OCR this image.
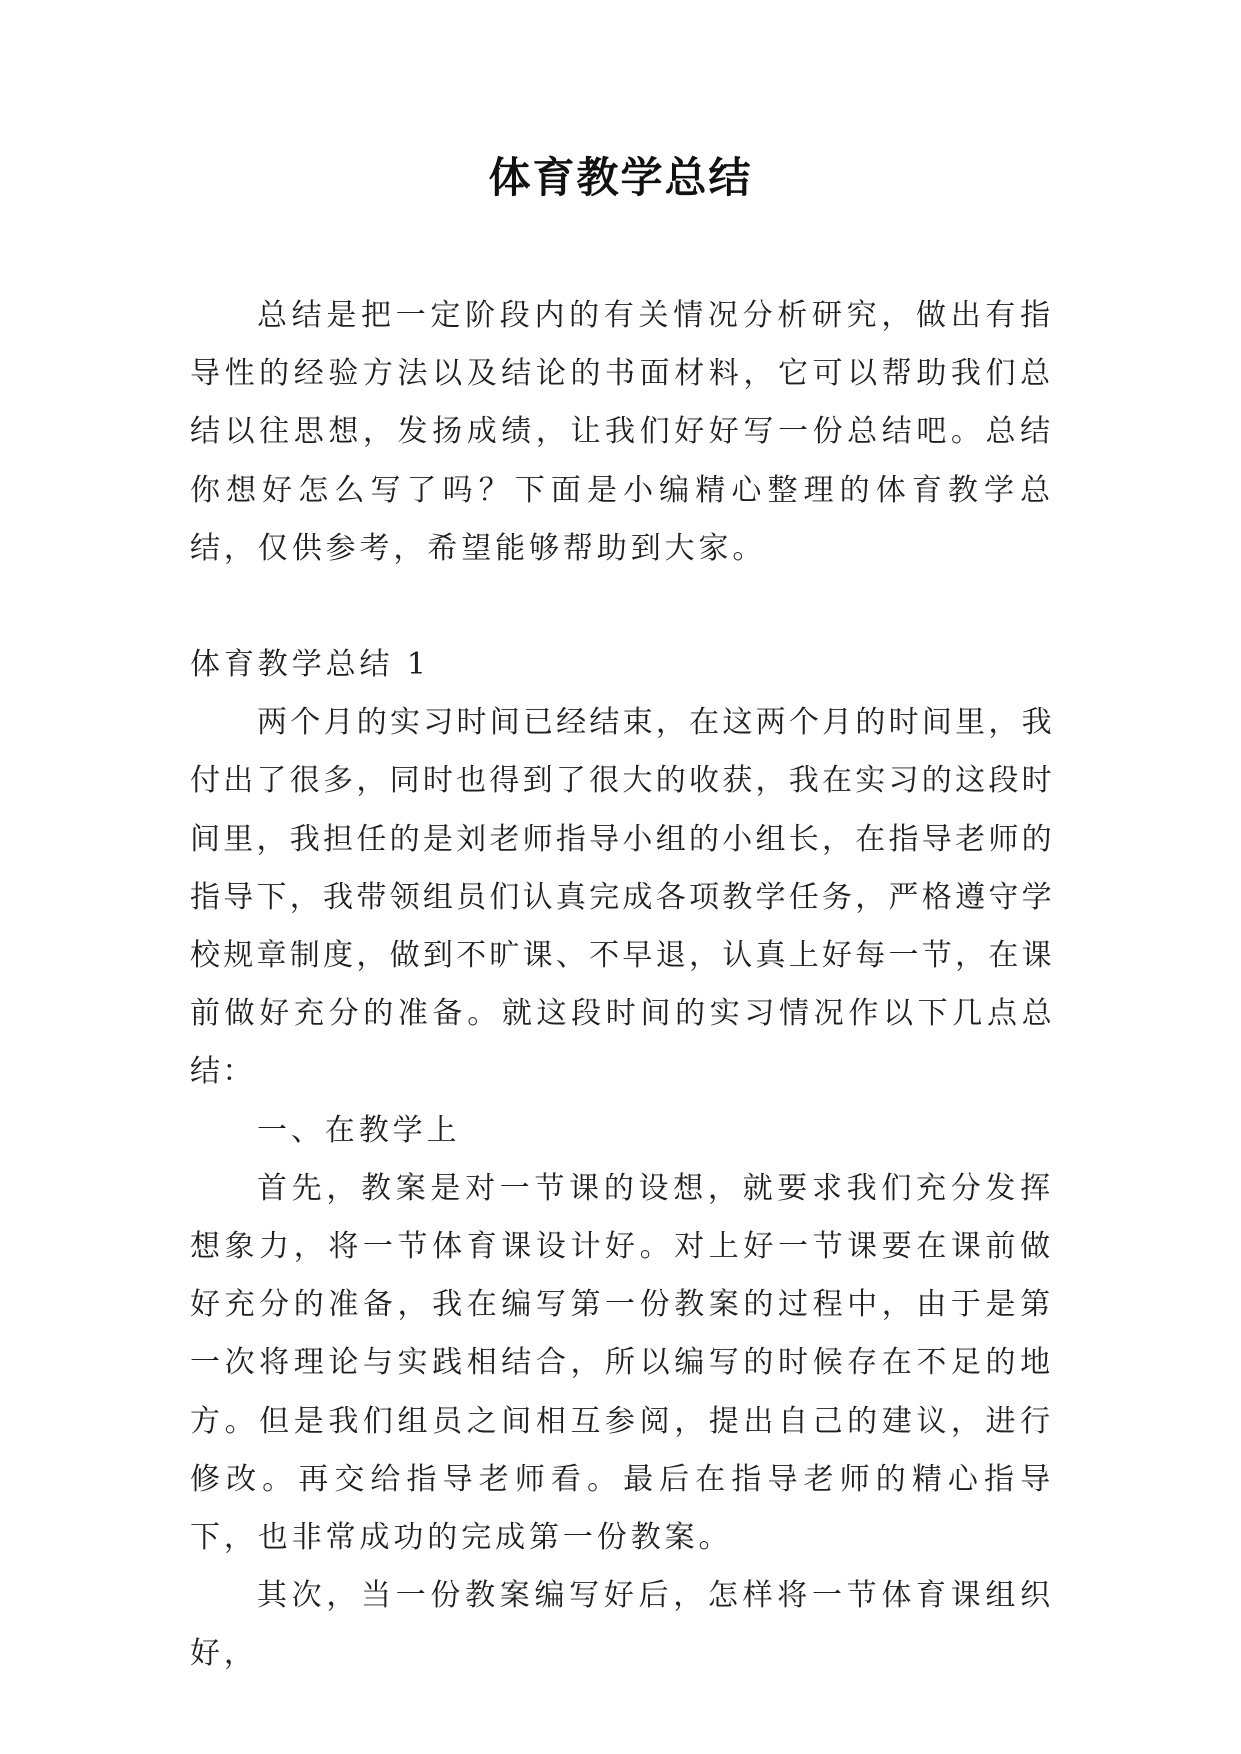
体育教学总结

总结是把一定阶段内的有关情况分析研究，做出有指导性的经验方法以及结论的书面材料，它可以帮助我们总结以往思想，发扬成绩，让我们好好写一份总结吧。总结你想好怎么写了吗？下面是小编精心整理的体育教学总结，仅供参考，希望能够帮助到大家。

体育教学总结 1

两个月的实习时间已经结束，在这两个月的时间里，我付出了很多，同时也得到了很大的收获，我在实习的这段时间里，我担任的是刘老师指导小组的小组长，在指导老师的指导下，我带领组员们认真完成各项教学任务，严格遵守学校规章制度，做到不旷课、不早退，认真上好每一节，在课前做好充分的准备。就这段时间的实习情况作以下几点总结：

一、在教学上

首先，教案是对一节课的设想，就要求我们充分发挥想象力，将一节体育课设计好。对上好一节课要在课前做好充分的准备，我在编写第一份教案的过程中，由于是第一次将理论与实践相结合，所以编写的时候存在不足的地方。但是我们组员之间相互参阅，提出自己的建议，进行修改。再交给指导老师看。最后在指导老师的精心指导下，也非常成功的完成第一份教案。

其次，当一份教案编写好后，怎样将一节体育课组织好，
